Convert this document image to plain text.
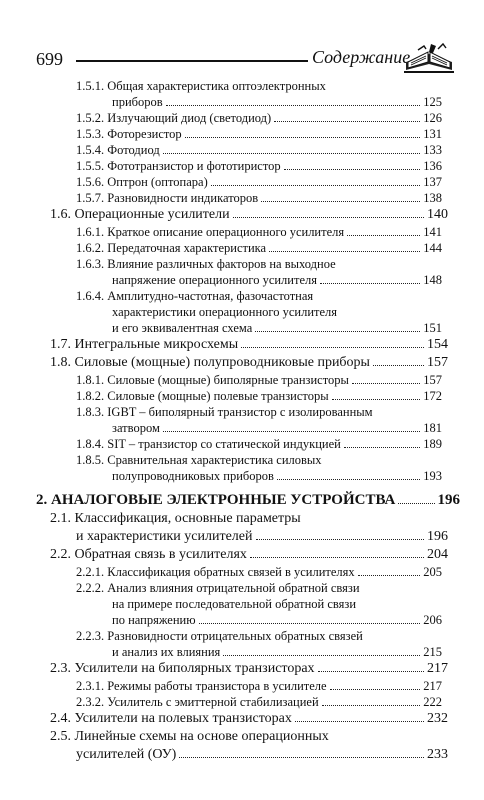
699	Содержание
1.5.1. Общая характеристика оптоэлектронных
приборов	125
1.5.2. Излучающий диод (светодиод)	126
1.5.3. Фоторезистор	131
1.5.4. Фотодиод	133
1.5.5. Фототранзистор и фототиристор	136
1.5.6. Оптрон (оптопара)	137
1.5.7. Разновидности индикаторов	138
1.6. Операционные усилители	140
1.6.1. Краткое описание операционного усилителя	141
1.6.2. Передаточная характеристика	144
1.6.3. Влияние различных факторов на выходное
напряжение операционного усилителя	148
1.6.4. Амплитудно-частотная, фазочастотная
характеристики операционного усилителя
и его эквивалентная схема	151
1.7. Интегральные микросхемы	154
1.8. Силовые (мощные) полупроводниковые приборы	157
1.8.1. Силовые (мощные) биполярные транзисторы	157
1.8.2. Силовые (мощные) полевые транзисторы	172
1.8.3. IGBT – биполярный транзистор с изолированным
затвором	181
1.8.4. SIT – транзистор со статической индукцией	189
1.8.5. Сравнительная характеристика силовых
полупроводниковых приборов	193
2. АНАЛОГОВЫЕ ЭЛЕКТРОННЫЕ УСТРОЙСТВА	196
2.1. Классификация, основные параметры
и характеристики усилителей	196
2.2. Обратная связь в усилителях	204
2.2.1. Классификация обратных связей в усилителях	205
2.2.2. Анализ влияния отрицательной обратной связи
на примере последовательной обратной связи
по напряжению	206
2.2.3. Разновидности отрицательных обратных связей
и анализ их влияния	215
2.3. Усилители на биполярных транзисторах	217
2.3.1. Режимы работы транзистора в усилителе	217
2.3.2. Усилитель с эмиттерной стабилизацией	222
2.4. Усилители на полевых транзисторах	232
2.5. Линейные схемы на основе операционных
усилителей (ОУ)	233
